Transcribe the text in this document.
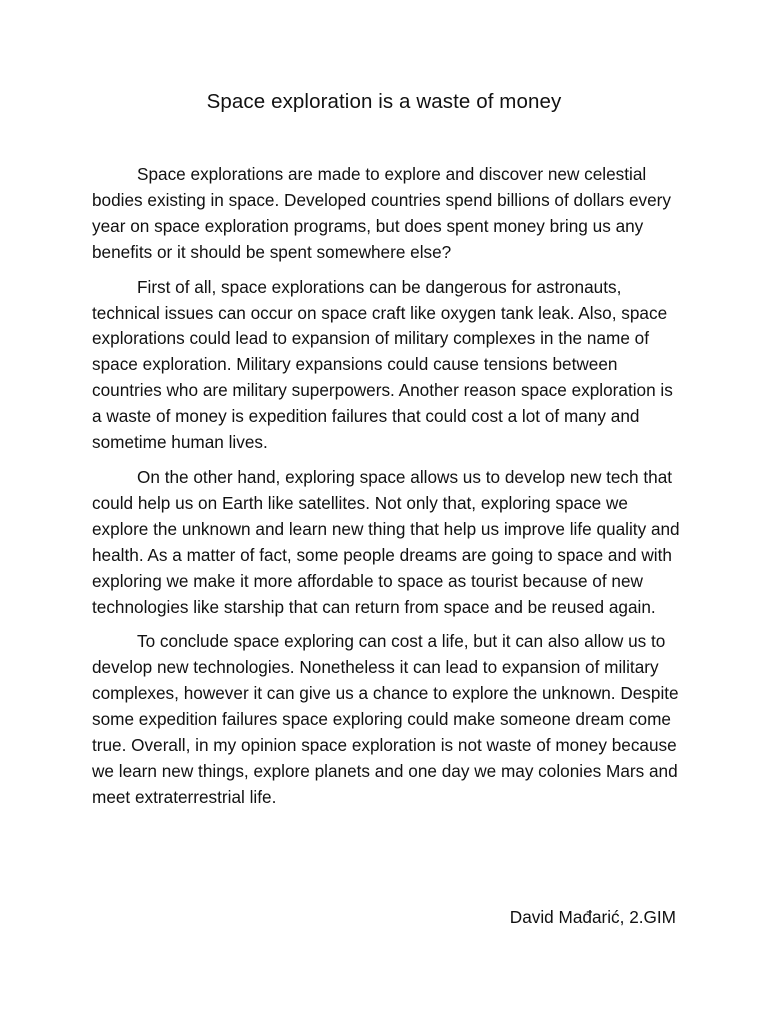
Space exploration is a waste of money

Space explorations are made to explore and discover new celestial bodies existing in space. Developed countries spend billions of dollars every year on space exploration programs, but does spent money bring us any benefits or it should be spent somewhere else?

First of all, space explorations can be dangerous for astronauts, technical issues can occur on space craft like oxygen tank leak. Also, space explorations could lead to expansion of military complexes in the name of space exploration. Military expansions could cause tensions between countries who are military superpowers. Another reason space exploration is a waste of money is expedition failures that could cost a lot of many and sometime human lives.

On the other hand, exploring space allows us to develop new tech that could help us on Earth like satellites. Not only that, exploring space we explore the unknown and learn new thing that help us improve life quality and health. As a matter of fact, some people dreams are going to space and with exploring we make it more affordable to space as tourist because of new technologies like starship that can return from space and be reused again.

To conclude space exploring can cost a life, but it can also allow us to develop new technologies. Nonetheless it can lead to expansion of military complexes, however it can give us a chance to explore the unknown. Despite some expedition failures space exploring could make someone dream come true. Overall, in my opinion space exploration is not waste of money because we learn new things, explore planets and one day we may colonies Mars and meet extraterrestrial life.

David Mađarić, 2.GIM
